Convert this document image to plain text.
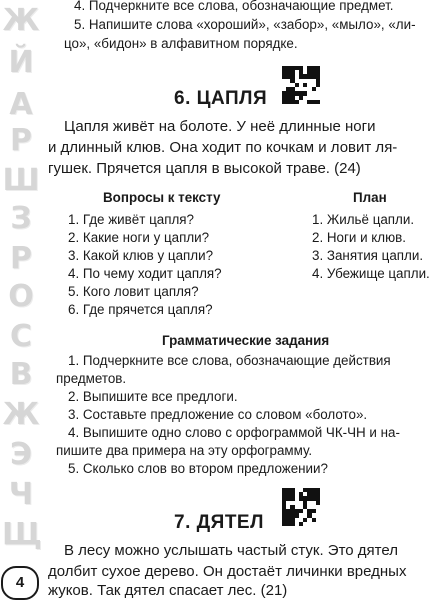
Ж
Й
А
Р
Ш
З
Р
О
С
В
Ж
Э
Ч
Щ
4
4. Подчеркните все слова, обозначающие предмет.
5. Напишите слова «хороший», «забор», «мыло», «ли-
цо», «бидон» в алфавитном порядке.
6. ЦАПЛЯ
Цапля живёт на болоте. У неё длинные ноги
и длинный клюв. Она ходит по кочкам и ловит ля-
гушек. Прячется цапля в высокой траве. (24)
Вопросы к тексту	План
1. Где живёт цапля?
2. Какие ноги у цапли?
3. Какой клюв у цапли?
4. По чему ходит цапля?
5. Кого ловит цапля?
6. Где прячется цапля?
1. Жильё цапли.
2. Ноги и клюв.
3. Занятия цапли.
4. Убежище цапли.
Грамматические задания
1. Подчеркните все слова, обозначающие действия
предметов.
2. Выпишите все предлоги.
3. Составьте предложение со словом «болото».
4. Выпишите одно слово с орфограммой ЧК-ЧН и на-
пишите два примера на эту орфограмму.
5. Сколько слов во втором предложении?
7. ДЯТЕЛ
В лесу можно услышать частый стук. Это дятел
долбит сухое дерево. Он достаёт личинки вредных
жуков. Так дятел спасает лес. (21)
